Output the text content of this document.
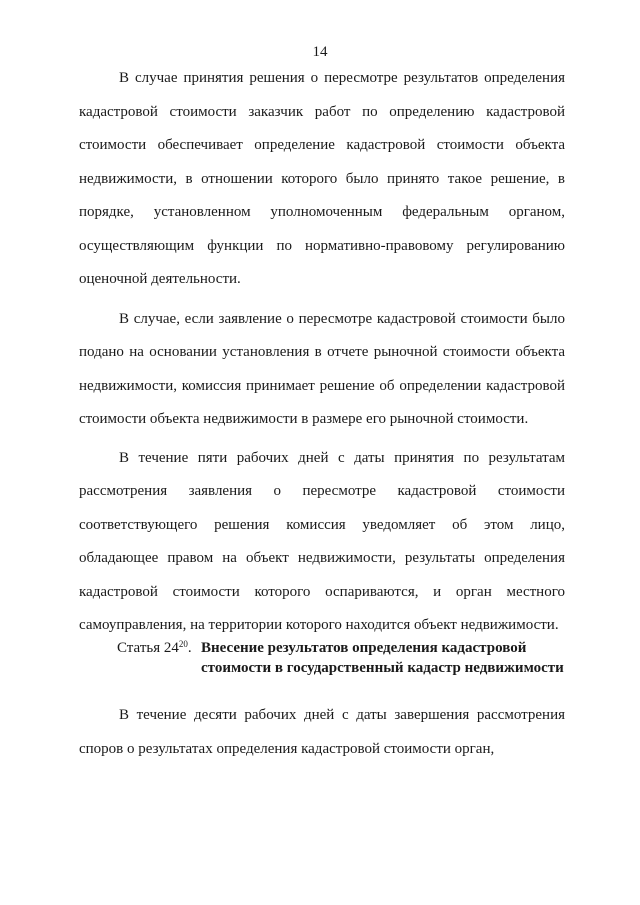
14

В случае принятия решения о пересмотре результатов определения кадастровой стоимости заказчик работ по определению кадастровой стоимости обеспечивает определение кадастровой стоимости объекта недвижимости, в отношении которого было принято такое решение, в порядке, установленном уполномоченным федеральным органом, осуществляющим функции по нормативно-правовому регулированию оценочной деятельности.

В случае, если заявление о пересмотре кадастровой стоимости было подано на основании установления в отчете рыночной стоимости объекта недвижимости, комиссия принимает решение об определении кадастровой стоимости объекта недвижимости в размере его рыночной стоимости.

В течение пяти рабочих дней с даты принятия по результатам рассмотрения заявления о пересмотре кадастровой стоимости соответствующего решения комиссия уведомляет об этом лицо, обладающее правом на объект недвижимости, результаты определения кадастровой стоимости которого оспариваются, и орган местного самоуправления, на территории которого находится объект недвижимости.

Статья $24^{20}$. Внесение результатов определения кадастровой стоимости в государственный кадастр недвижимости

В течение десяти рабочих дней с даты завершения рассмотрения споров о результатах определения кадастровой стоимости орган,
